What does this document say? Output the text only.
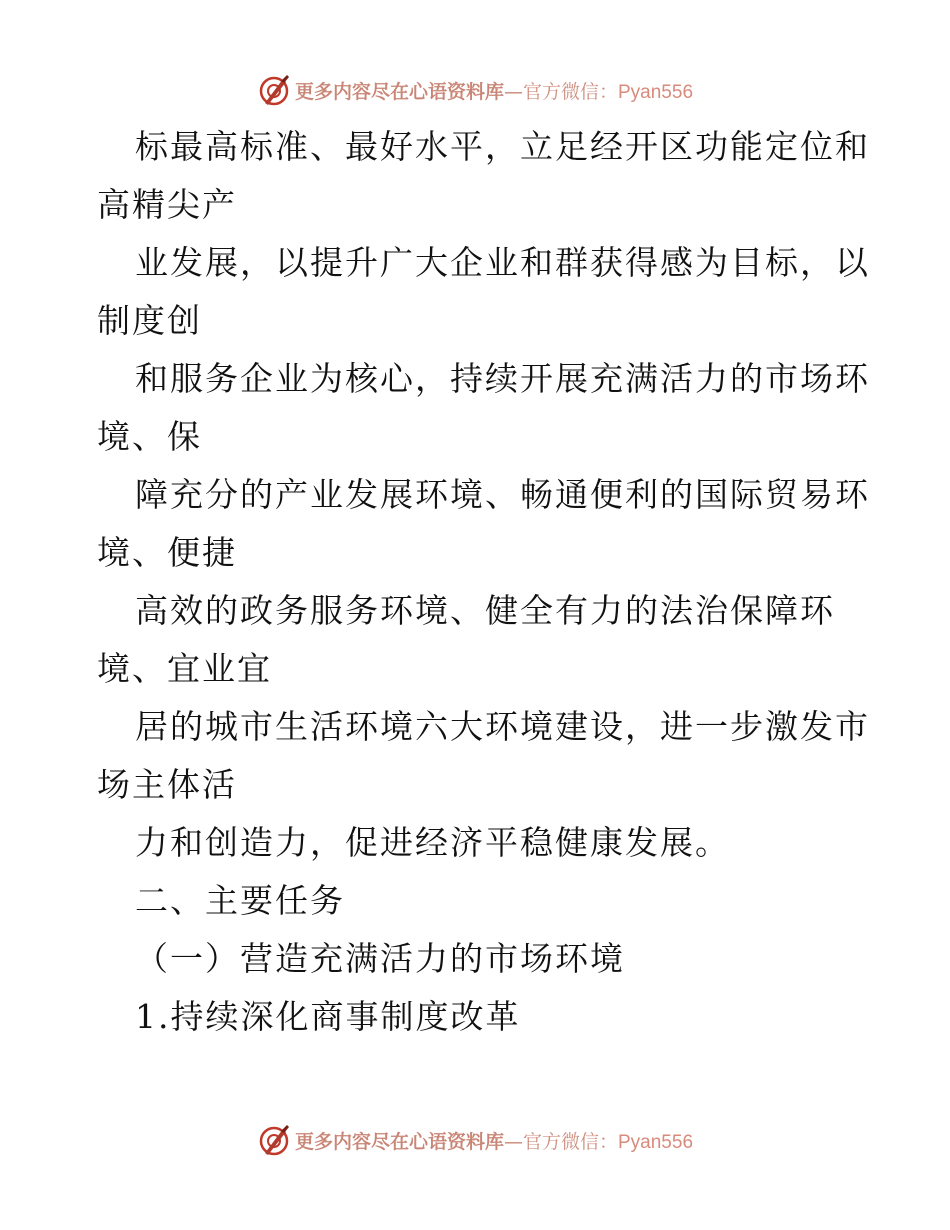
更多内容尽在心语资料库—官方微信：Pyan556
标最高标准、最好水平，立足经开区功能定位和
高精尖产
业发展，以提升广大企业和群获得感为目标，以
制度创
和服务企业为核心，持续开展充满活力的市场环
境、保
障充分的产业发展环境、畅通便利的国际贸易环
境、便捷
高效的政务服务环境、健全有力的法治保障环
境、宜业宜
居的城市生活环境六大环境建设，进一步激发市
场主体活
力和创造力，促进经济平稳健康发展。
二、主要任务
（一）营造充满活力的市场环境
1.持续深化商事制度改革
更多内容尽在心语资料库—官方微信：Pyan556
